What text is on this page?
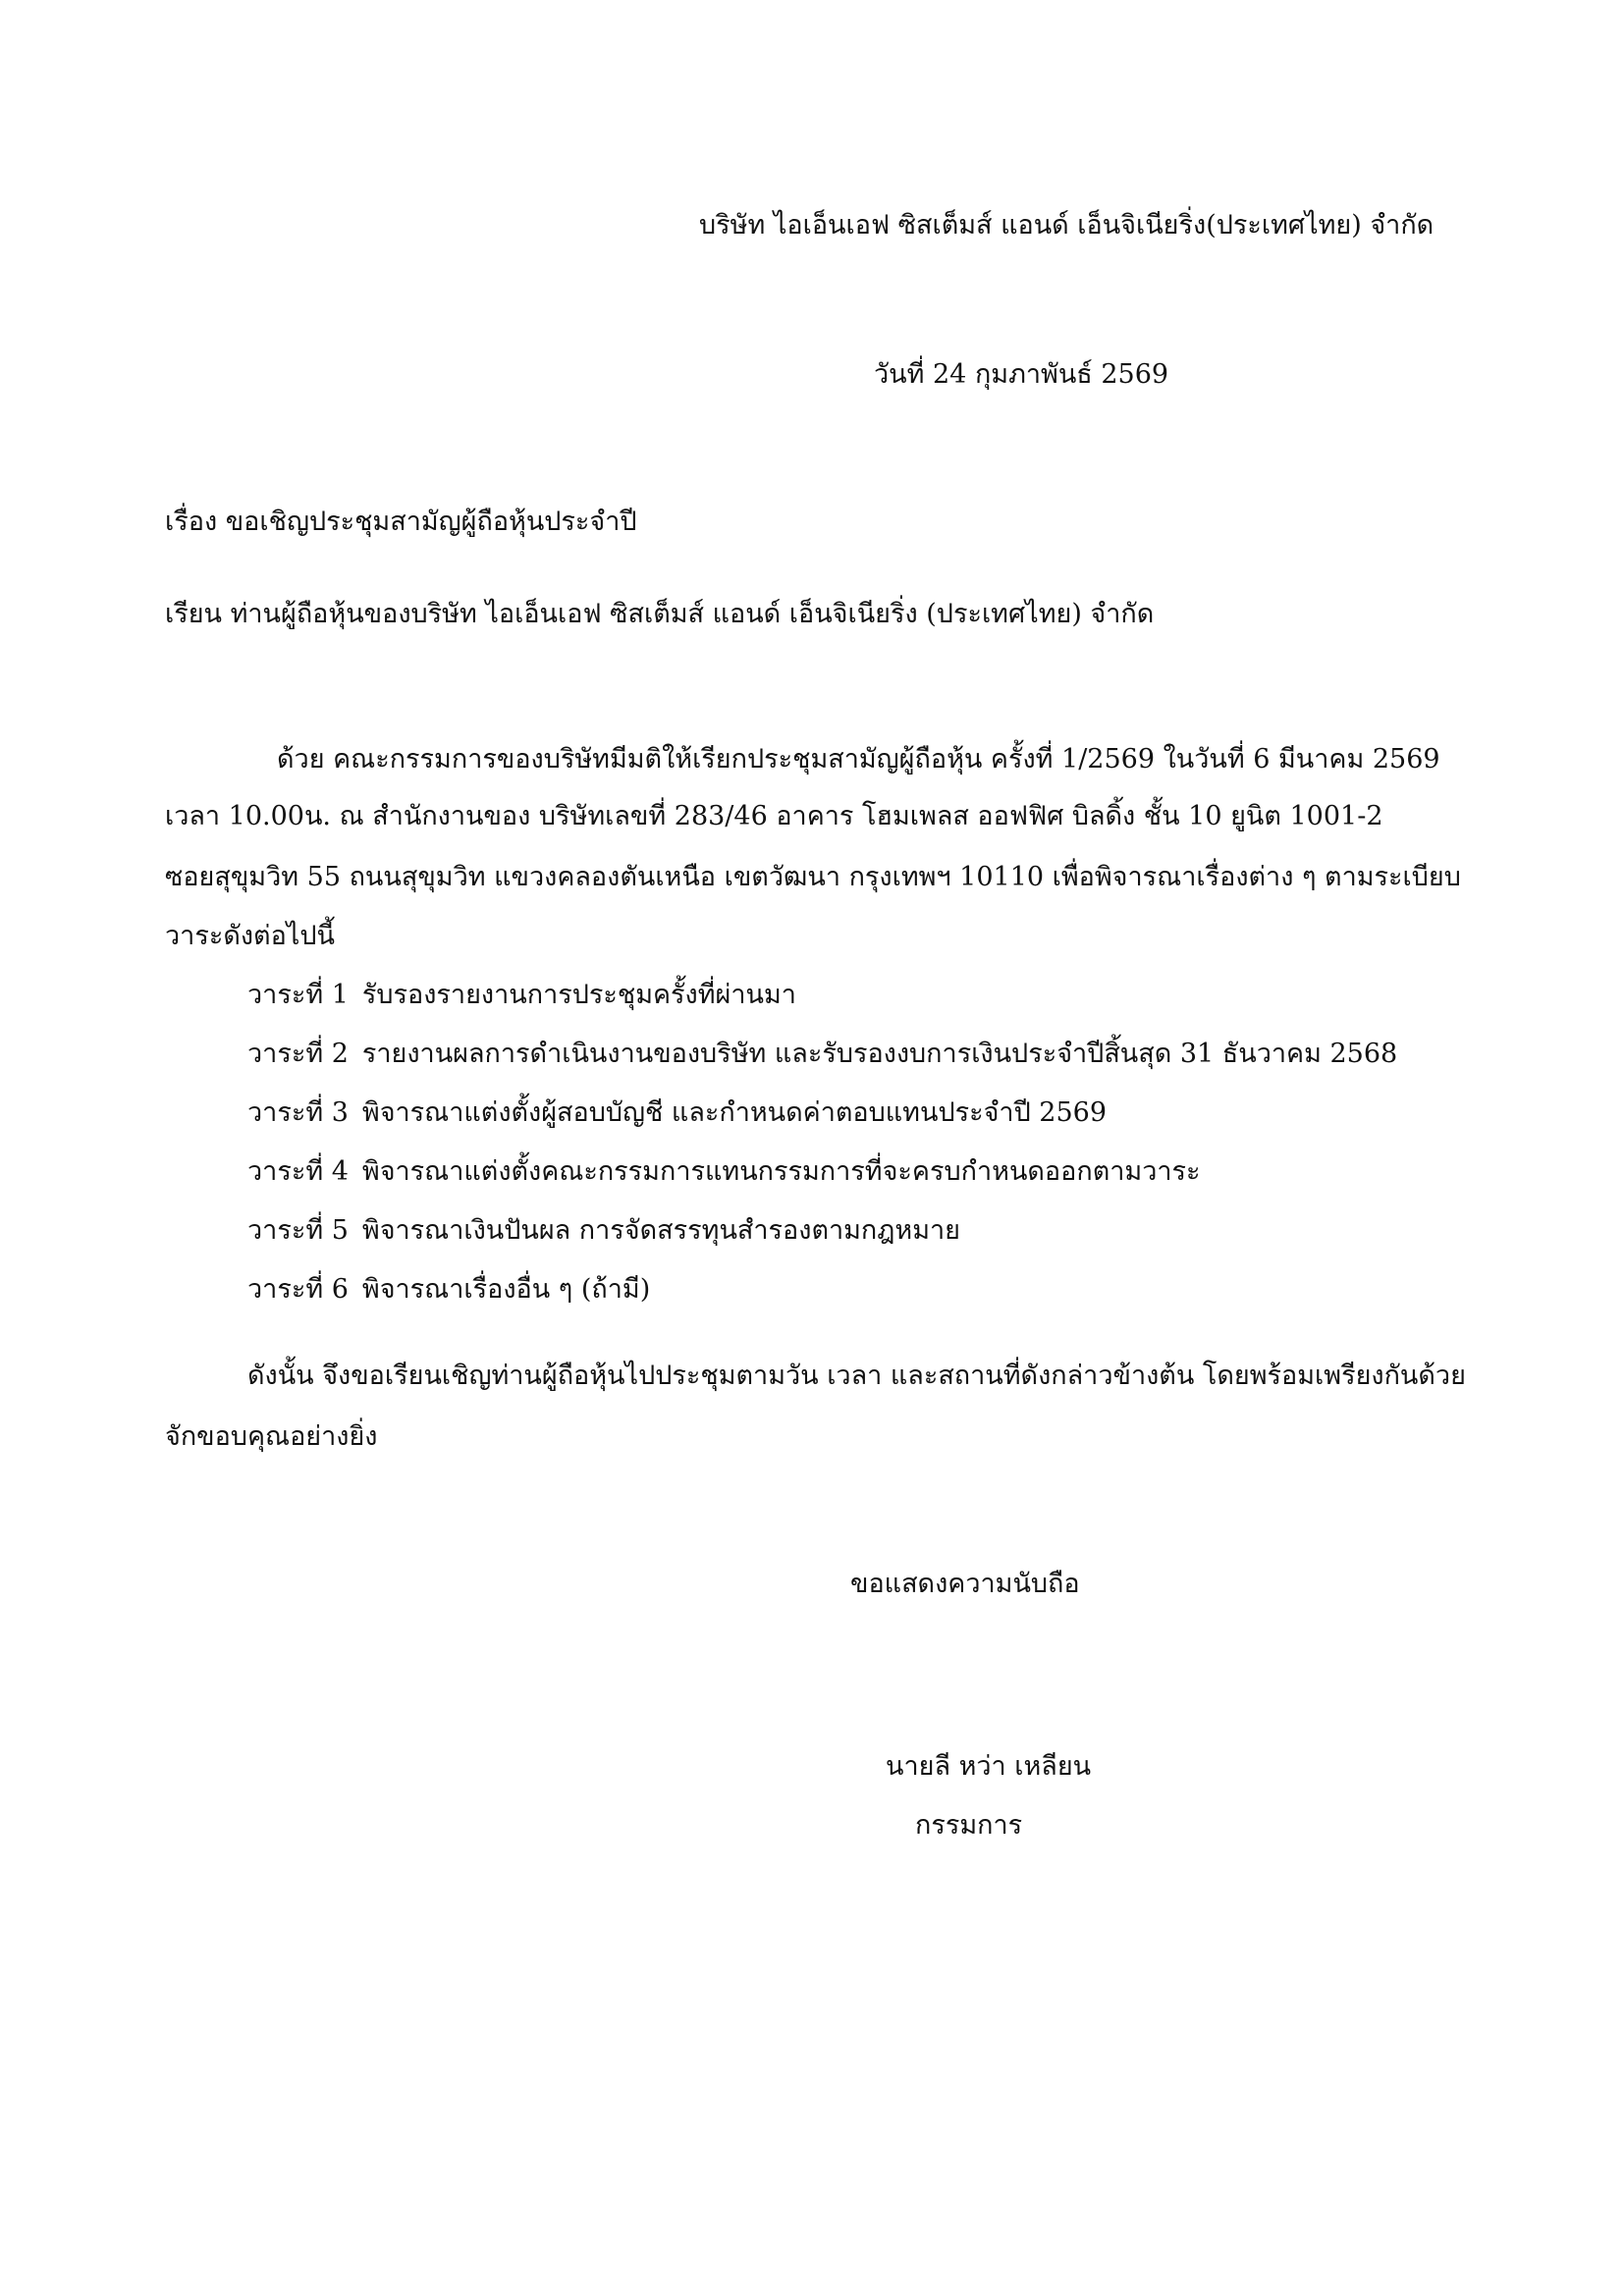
บริษัท ไอเอ็นเอฟ ซิสเต็มส์ แอนด์ เอ็นจิเนียริ่ง(ประเทศไทย) จำกัด
วันที่ 24 กุมภาพันธ์ 2569
เรื่อง ขอเชิญประชุมสามัญผู้ถือหุ้นประจำปี
เรียน ท่านผู้ถือหุ้นของบริษัท ไอเอ็นเอฟ ซิสเต็มส์ แอนด์ เอ็นจิเนียริ่ง (ประเทศไทย) จำกัด
ด้วย คณะกรรมการของบริษัทมีมติให้เรียกประชุมสามัญผู้ถือหุ้น ครั้งที่ 1/2569 ในวันที่ 6 มีนาคม 2569
เวลา 10.00น. ณ สำนักงานของ บริษัทเลขที่ 283/46 อาคาร โฮมเพลส ออฟฟิศ บิลดิ้ง ชั้น 10 ยูนิต 1001-2
ซอยสุขุมวิท 55 ถนนสุขุมวิท แขวงคลองตันเหนือ เขตวัฒนา กรุงเทพฯ 10110 เพื่อพิจารณาเรื่องต่าง ๆ ตามระเบียบ
วาระดังต่อไปนี้
วาระที่ 1 รับรองรายงานการประชุมครั้งที่ผ่านมา
วาระที่ 2 รายงานผลการดำเนินงานของบริษัท และรับรองงบการเงินประจำปีสิ้นสุด 31 ธันวาคม 2568
วาระที่ 3 พิจารณาแต่งตั้งผู้สอบบัญชี และกำหนดค่าตอบแทนประจำปี 2569
วาระที่ 4 พิจารณาแต่งตั้งคณะกรรมการแทนกรรมการที่จะครบกำหนดออกตามวาระ
วาระที่ 5 พิจารณาเงินปันผล การจัดสรรทุนสำรองตามกฎหมาย
วาระที่ 6 พิจารณาเรื่องอื่น ๆ (ถ้ามี)
ดังนั้น จึงขอเรียนเชิญท่านผู้ถือหุ้นไปประชุมตามวัน เวลา และสถานที่ดังกล่าวข้างต้น โดยพร้อมเพรียงกันด้วย
จักขอบคุณอย่างยิ่ง
ขอแสดงความนับถือ
นายลี หว่า เหลียน
กรรมการ
